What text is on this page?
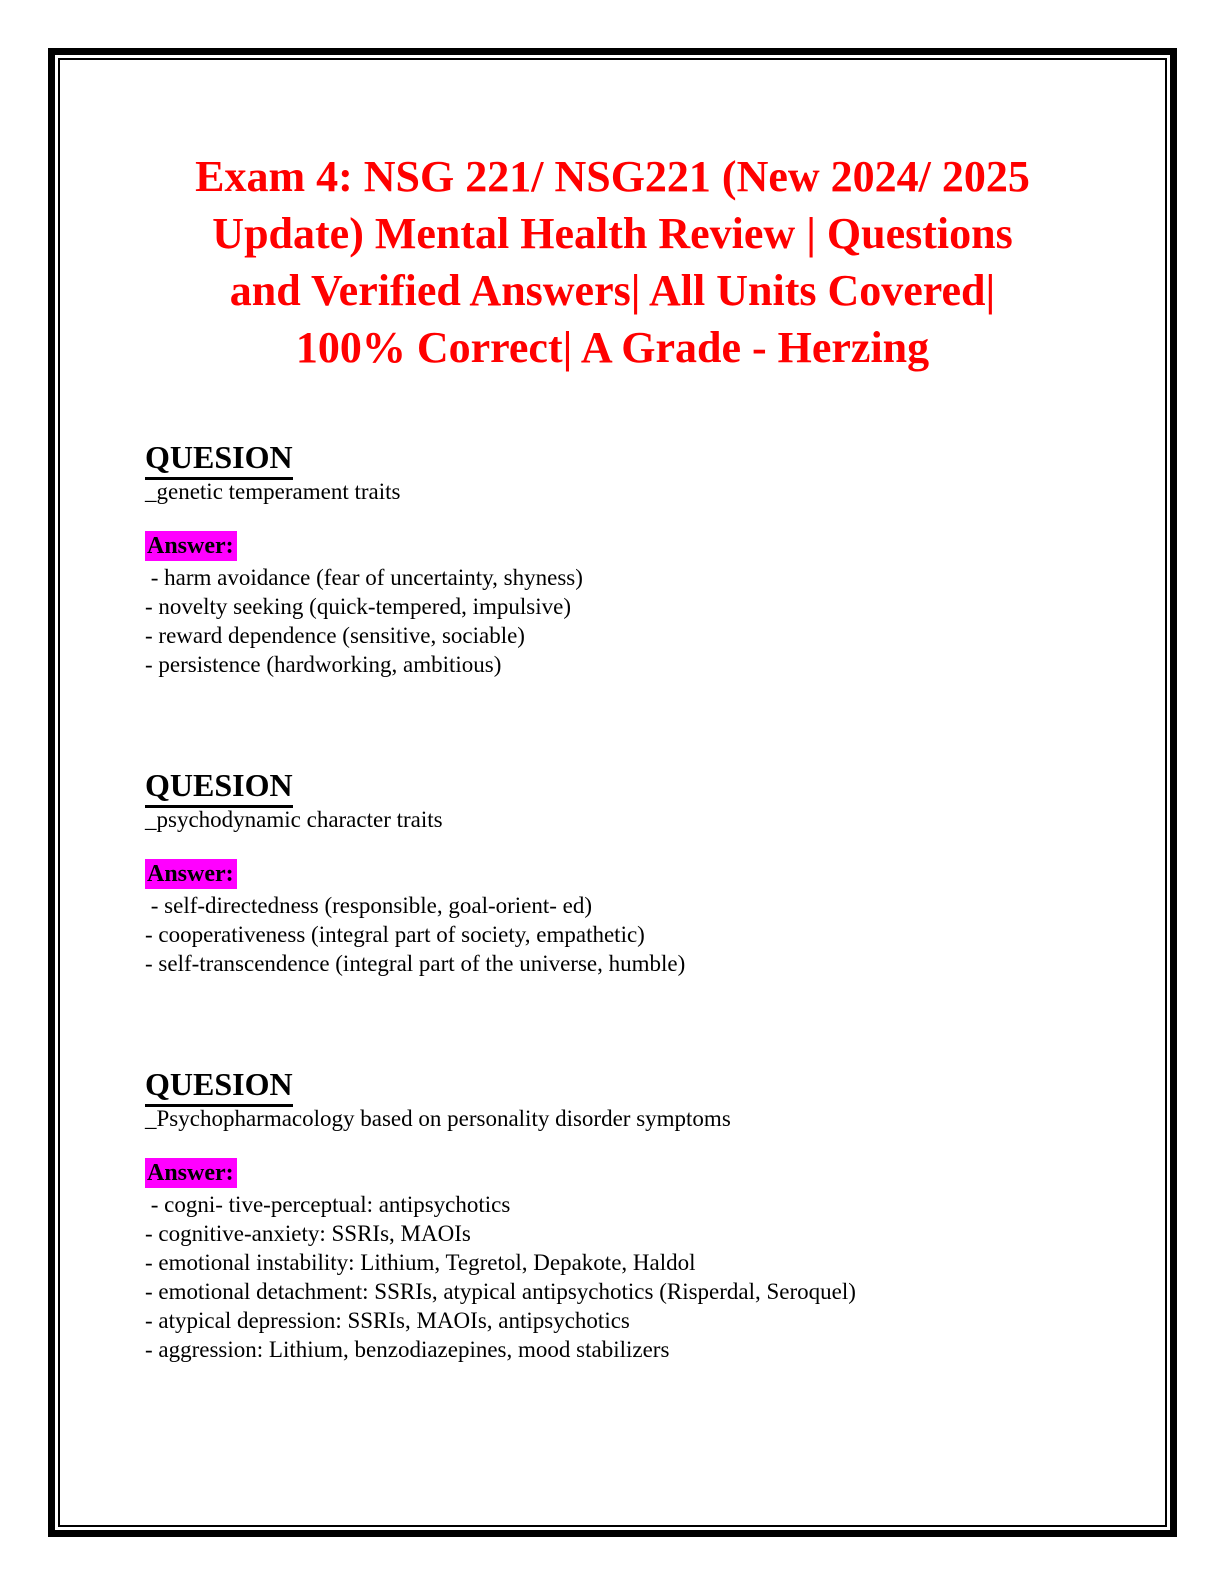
Exam 4: NSG 221/ NSG221 (New 2024/ 2025
Update) Mental Health Review | Questions
and Verified Answers| All Units Covered|
100% Correct| A Grade - Herzing
QUESION
_genetic temperament traits
Answer:
- harm avoidance (fear of uncertainty, shyness)
- novelty seeking (quick-tempered, impulsive)
- reward dependence (sensitive, sociable)
- persistence (hardworking, ambitious)
QUESION
_psychodynamic character traits
Answer:
- self-directedness (responsible, goal-orient- ed)
- cooperativeness (integral part of society, empathetic)
- self-transcendence (integral part of the universe, humble)
QUESION
_Psychopharmacology based on personality disorder symptoms
Answer:
- cogni- tive-perceptual: antipsychotics
- cognitive-anxiety: SSRIs, MAOIs
- emotional instability: Lithium, Tegretol, Depakote, Haldol
- emotional detachment: SSRIs, atypical antipsychotics (Risperdal, Seroquel)
- atypical depression: SSRIs, MAOIs, antipsychotics
- aggression: Lithium, benzodiazepines, mood stabilizers
